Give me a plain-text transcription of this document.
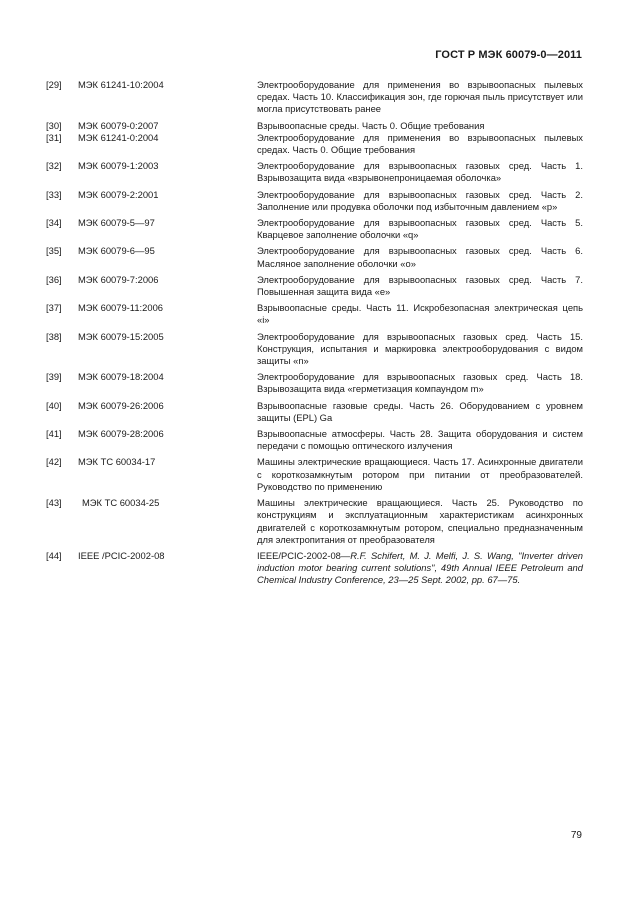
ГОСТ Р МЭК 60079-0—2011
[29]	МЭК 61241-10:2004	Электрооборудование для применения во взрывоопасных пылевых средах. Часть 10. Классификация зон, где горючая пыль присутствует или могла присутствовать ранее
[30]	МЭК 60079-0:2007	Взрывоопасные среды. Часть 0. Общие требования
[31]	МЭК 61241-0:2004	Электрооборудование для применения во взрывоопасных пылевых средах. Часть 0. Общие требования
[32]	МЭК 60079-1:2003	Электрооборудование для взрывоопасных газовых сред. Часть 1. Взрывозащита вида «взрывонепроницаемая оболочка»
[33]	МЭК 60079-2:2001	Электрооборудование для взрывоопасных газовых сред. Часть 2. Заполнение или продувка оболочки под избыточным давлением «р»
[34]	МЭК 60079-5—97	Электрооборудование для взрывоопасных газовых сред. Часть 5. Кварцевое заполнение оболочки «q»
[35]	МЭК 60079-6—95	Электрооборудование для взрывоопасных газовых сред. Часть 6. Масляное заполнение оболочки «о»
[36]	МЭК 60079-7:2006	Электрооборудование для взрывоопасных газовых сред. Часть 7. Повышенная защита вида «е»
[37]	МЭК 60079-11:2006	Взрывоопасные среды. Часть 11. Искробезопасная электрическая цепь «i»
[38]	МЭК 60079-15:2005	Электрооборудование для взрывоопасных газовых сред. Часть 15. Конструкция, испытания и маркировка электрооборудования с видом защиты «n»
[39]	МЭК 60079-18:2004	Электрооборудование для взрывоопасных газовых сред. Часть 18. Взрывозащита вида «герметизация компаундом m»
[40]	МЭК 60079-26:2006	Взрывоопасные газовые среды. Часть 26. Оборудованием с уровнем защиты (EPL) Ga
[41]	МЭК 60079-28:2006	Взрывоопасные атмосферы. Часть 28. Защита оборудования и систем передачи с помощью оптического излучения
[42]	МЭК ТС 60034-17	Машины электрические вращающиеся. Часть 17. Асинхронные двигатели с короткозамкнутым ротором при питании от преобразователей. Руководство по применению
[43]	МЭК ТС 60034-25	Машины электрические вращающиеся. Часть 25. Руководство по конструкциям и эксплуатационным характеристикам асинхронных двигателей с короткозамкнутым ротором, специально предназначенным для электропитания от преобразователя
[44]	IEEE /PCIC-2002-08	IEEE/PCIC-2002-08—R.F. Schifert, M. J. Melfi, J. S. Wang, "Inverter driven induction motor bearing current solutions", 49th Annual IEEE Petroleum and Chemical Industry Conference, 23—25 Sept. 2002, pp. 67—75.
79
